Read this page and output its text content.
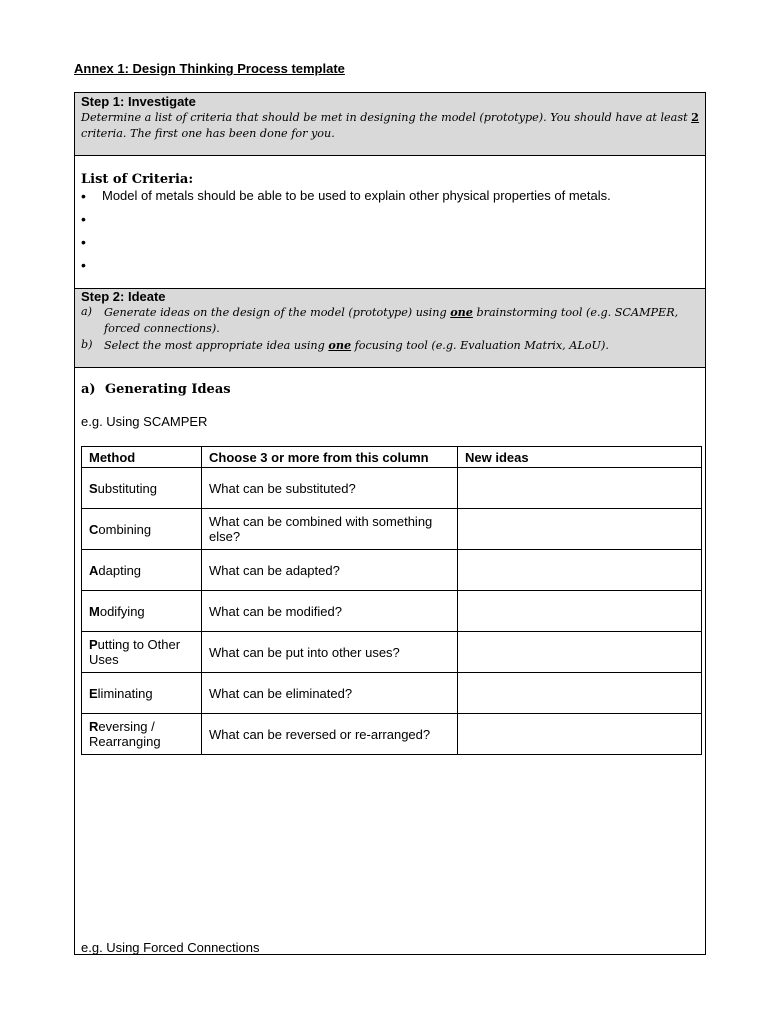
Annex 1: Design Thinking Process template
Step 1: Investigate
Determine a list of criteria that should be met in designing the model (prototype). You should have at least 2 criteria. The first one has been done for you.
List of Criteria:
• Model of metals should be able to be used to explain other physical properties of metals.
•
•
•
Step 2: Ideate
a) Generate ideas on the design of the model (prototype) using one brainstorming tool (e.g. SCAMPER, forced connections).
b) Select the most appropriate idea using one focusing tool (e.g. Evaluation Matrix, ALoU).
a) Generating Ideas
e.g. Using SCAMPER
Method	Choose 3 or more from this column	New ideas
Substituting	What can be substituted?	
Combining	What can be combined with something else?	
Adapting	What can be adapted?	
Modifying	What can be modified?	
Putting to Other Uses	What can be put into other uses?	
Eliminating	What can be eliminated?	
Reversing / Rearranging	What can be reversed or re-arranged?	
e.g. Using Forced Connections
